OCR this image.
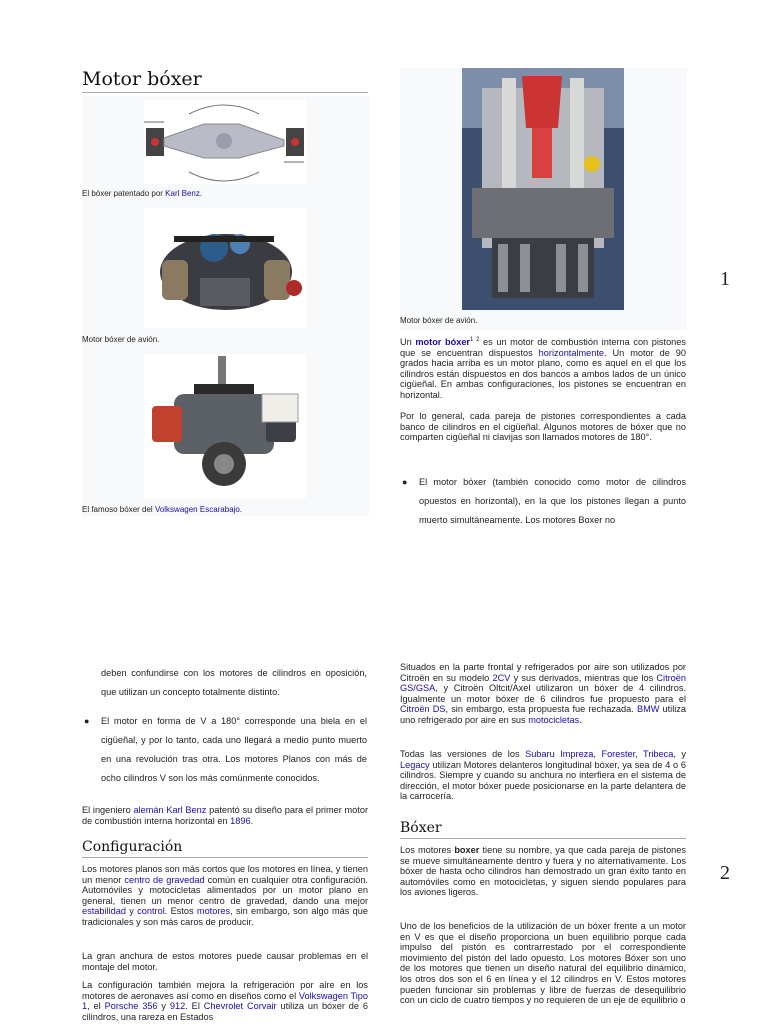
Motor bóxer
El bóxer patentado por Karl Benz.
Motor bóxer de avión.
El famoso bóxer del Volkswagen Escarabajo.
Motor bóxer de avión.

Un motor bóxer$^{1 2}$ es un motor de combustión interna con pistones que se encuentran dispuestos horizontalmente. Un motor de 90 grados hacia arriba es un motor plano, como es aquel en el que los cilindros están dispuestos en dos bancos a ambos lados de un único cigüeñal. En ambas configuraciones, los pistones se encuentran en horizontal.

Por lo general, cada pareja de pistones correspondientes a cada banco de cilindros en el cigüeñal. Algunos motores de bóxer que no comparten cigüeñal ni clavijas son llamados motores de 180°.

● El motor bóxer (también conocido como motor de cilindros opuestos en horizontal), en la que los pistones llegan a punto muerto simultáneamente. Los motores Boxer no
1
deben confundirse con los motores de cilindros en oposición, que utilizan un concepto totalmente distinto.
● El motor en forma de V a 180° corresponde una biela en el cigüeñal, y por lo tanto, cada uno llegará a medio punto muerto en una revolución tras otra. Los motores Planos con más de ocho cilindros V son los más comúnmente conocidos.

El ingeniero alemán Karl Benz patentó su diseño para el primer motor de combustión interna horizontal en 1896.

Configuración

Los motores planos son más cortos que los motores en línea, y tienen un menor centro de gravedad común en cualquier otra configuración. Automóviles y motocicletas alimentados por un motor plano en general, tienen un menor centro de gravedad, dando una mejor estabilidad y control. Estos motores, sin embargo, son algo más que tradicionales y son más caros de producir.

La gran anchura de estos motores puede causar problemas en el montaje del motor.

La configuración también mejora la refrigeración por aire en los motores de aeronaves así como en diseños como el Volkswagen Tipo 1, el Porsche 356 y 912. El Chevrolet Corvair utiliza un bóxer de 6 cilindros, una rareza en Estados

Situados en la parte frontal y refrigerados por aire son utilizados por Citroën en su modelo 2CV y sus derivados, mientras que los Citroën GS/GSA, y Citroën Oltcit/Axel utilizaron un bóxer de 4 cilindros. Igualmente un motor bóxer de 6 cilindros fue propuesto para el Citroën DS, sin embargo, esta propuesta fue rechazada. BMW utiliza uno refrigerado por aire en sus motocicletas.

Todas las versiones de los Subaru Impreza, Forester, Tribeca, y Legacy utilizan Motores delanteros longitudinal bóxer, ya sea de 4 o 6 cilindros. Siempre y cuando su anchura no interfiera en el sistema de dirección, el motor bóxer puede posicionarse en la parte delantera de la carrocería.

Bóxer

Los motores boxer tiene su nombre, ya que cada pareja de pistones se mueve simultáneamente dentro y fuera y no alternativamente. Los bóxer de hasta ocho cilindros han demostrado un gran éxito tanto en automóviles como en motocicletas, y siguen siendo populares para los aviones ligeros.

Uno de los beneficios de la utilización de un bóxer frente a un motor en V es que el diseño proporciona un buen equilibrio porque cada impulso del pistón es contrarrestado por el correspondiente movimiento del pistón del lado opuesto. Los motores Bóxer son uno de los motores que tienen un diseño natural del equilibrio dinámico, los otros dos son el 6 en línea y el 12 cilindros en V. Estos motores pueden funcionar sin problemas y libre de fuerzas de desequilibrio con un ciclo de cuatro tiempos y no requieren de un eje de equilibrio o

2
